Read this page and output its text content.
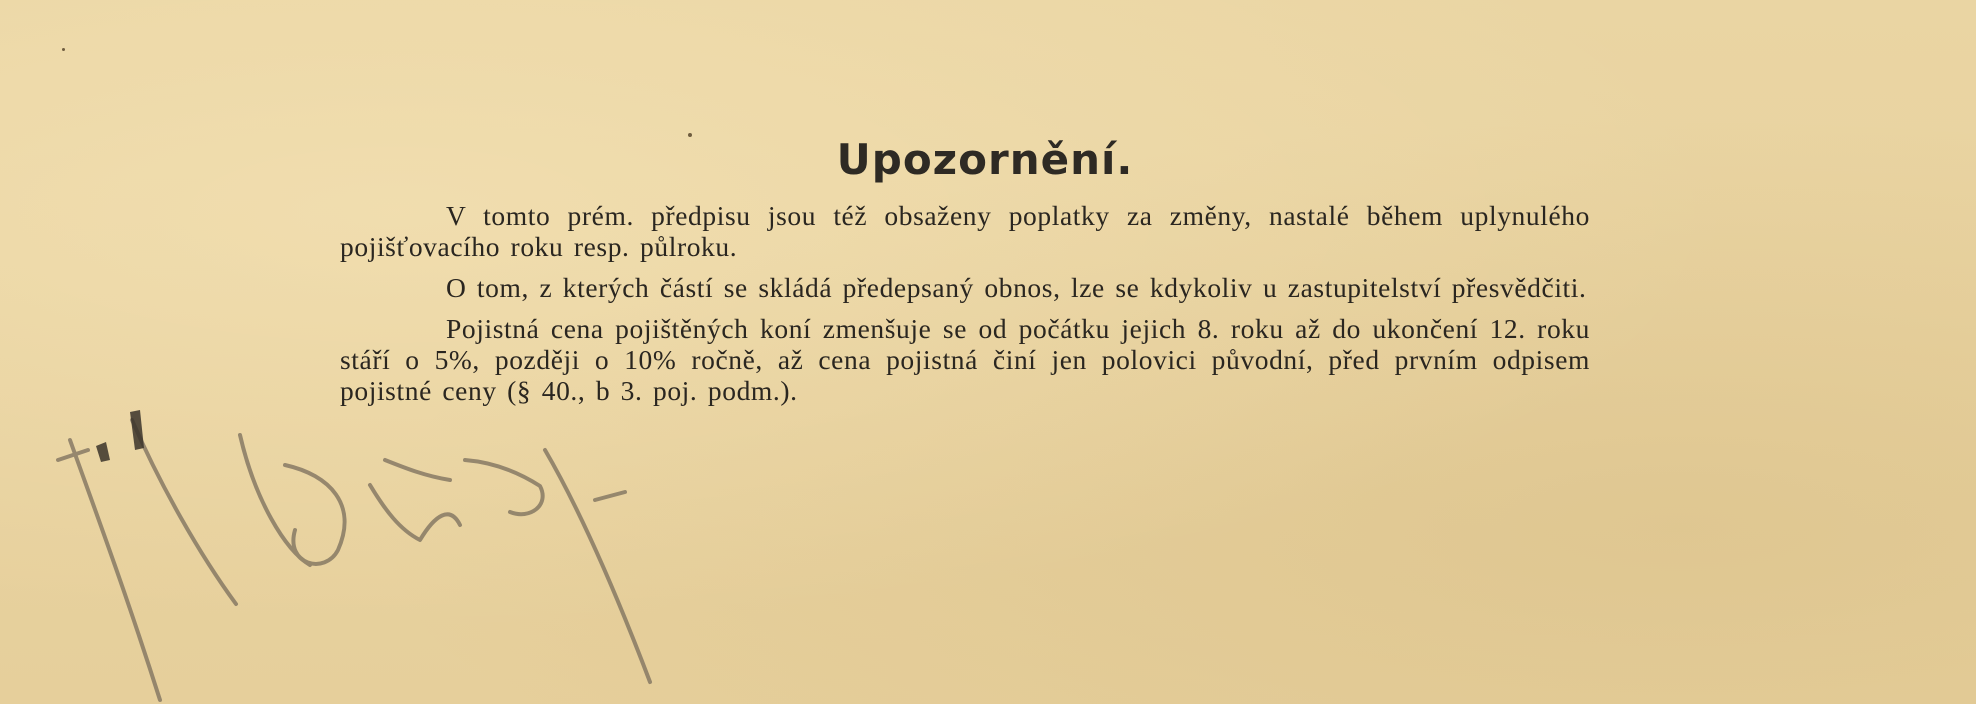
Upozornění.

V tomto prém. předpisu jsou též obsaženy poplatky za změny, nastalé během uplynulého pojišťovacího roku resp. půlroku.

O tom, z kterých částí se skládá předepsaný obnos, lze se kdykoliv u zastupitelství přesvědčiti.

Pojistná cena pojištěných koní zmenšuje se od počátku jejich 8. roku až do ukončení 12. roku stáří o 5%, později o 10% ročně, až cena pojistná činí jen polovici původní, před prvním odpisem pojistné ceny (§ 40., b 3. poj. podm.).
